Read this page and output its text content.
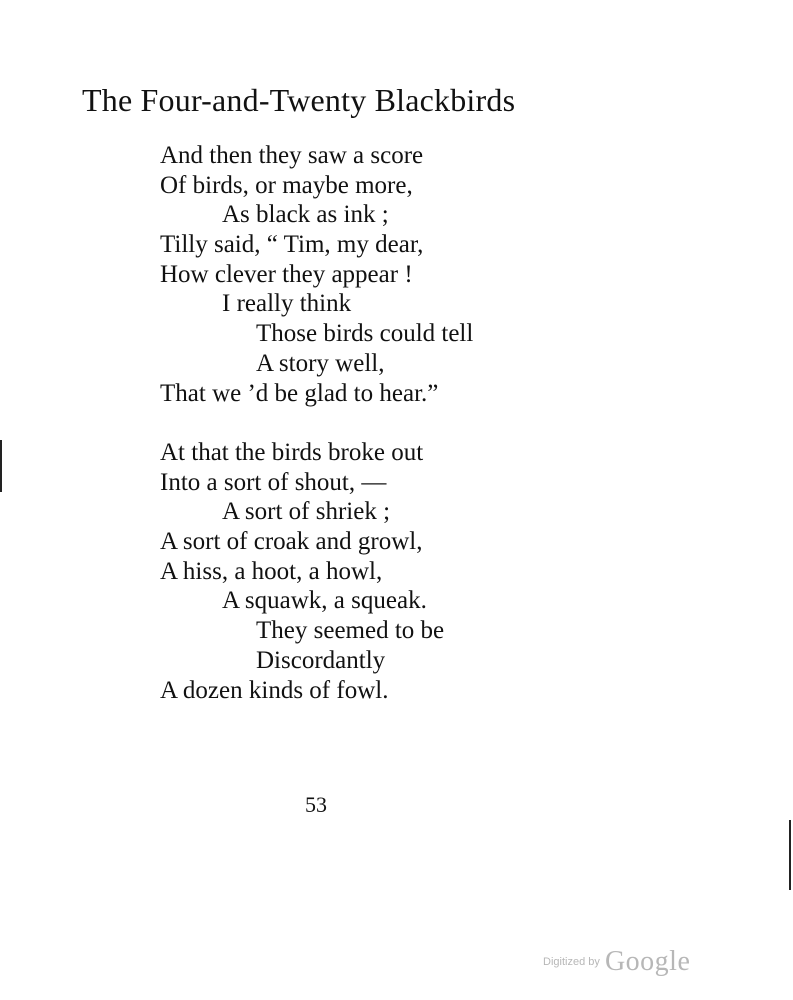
The Four-and-Twenty Blackbirds
And then they saw a score
Of birds, or maybe more,
As black as ink ;
Tilly said, “ Tim, my dear,
How clever they appear !
I really think
Those birds could tell
A story well,
That we ’d be glad to hear.”
At that the birds broke out
Into a sort of shout, —
A sort of shriek ;
A sort of croak and growl,
A hiss, a hoot, a howl,
A squawk, a squeak.
They seemed to be
Discordantly
A dozen kinds of fowl.
53
Digitized by Google
